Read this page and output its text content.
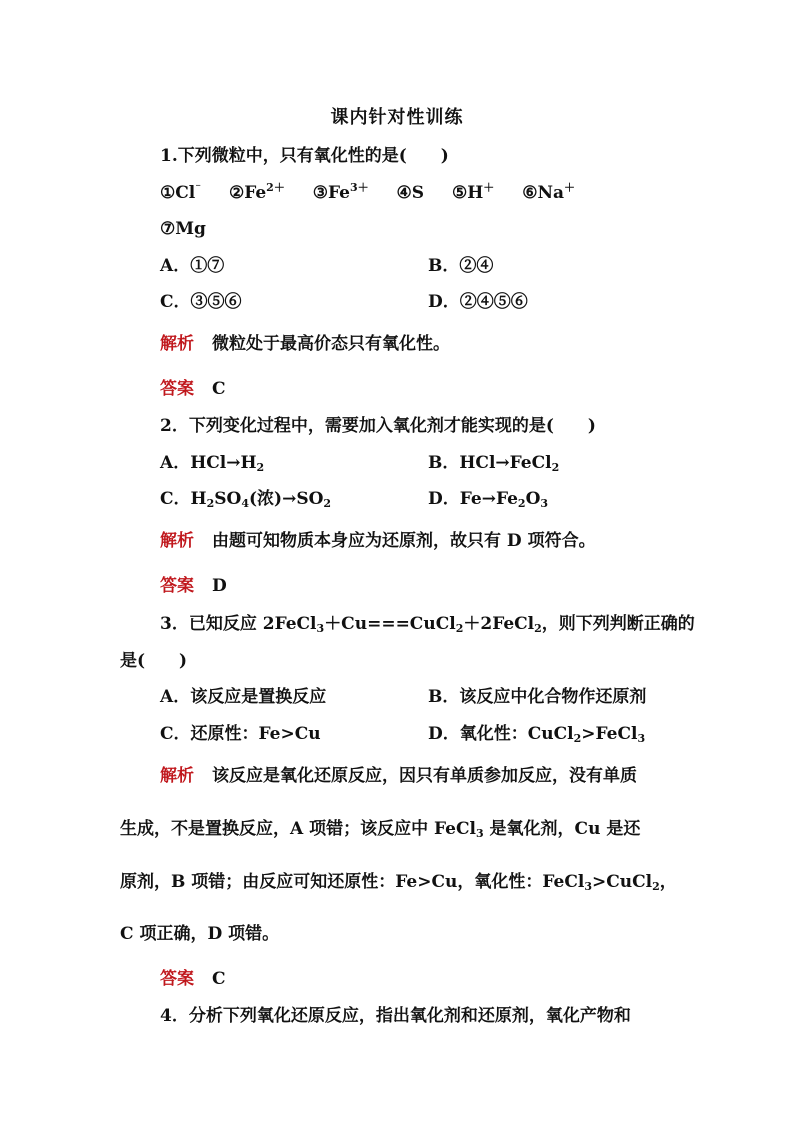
课内针对性训练
1.下列微粒中，只有氧化性的是(　　)
①Cl⁻ $②Fe^{2+}$ $③Fe^{3+}$ ④S ⑤H＋ ⑥Na＋
⑦Mg
A．①⑦	B．②④
C．③⑤⑥	D．②④⑤⑥
解析 微粒处于最高价态只有氧化性。
答案 C
2．下列变化过程中，需要加入氧化剂才能实现的是(　　)
A．$HCl\to H_2$	B．HCl→FeCl$_2$
C．$H_2SO_4$(浓)$\to SO_2$	D．$Fe\to Fe_2O_3$
解析 由题可知物质本身应为还原剂，故只有 D 项符合。
答案 D
3．已知反应 2FeCl$_3$＋Cu===CuCl$_2$＋2FeCl$_2$，则下列判断正确的
是(　　)
A．该反应是置换反应	B．该反应中化合物作还原剂
C．还原性：Fe>Cu	D．氧化性：CuCl$_2$>FeCl$_3$
解析 该反应是氧化还原反应，因只有单质参加反应，没有单质
生成，不是置换反应，A 项错；该反应中 FeCl$_3$ 是氧化剂，Cu 是还
原剂，B 项错；由反应可知还原性：Fe>Cu，氧化性：FeCl$_3$>CuCl$_2$，
C 项正确，D 项错。
答案 C
4．分析下列氧化还原反应，指出氧化剂和还原剂，氧化产物和
